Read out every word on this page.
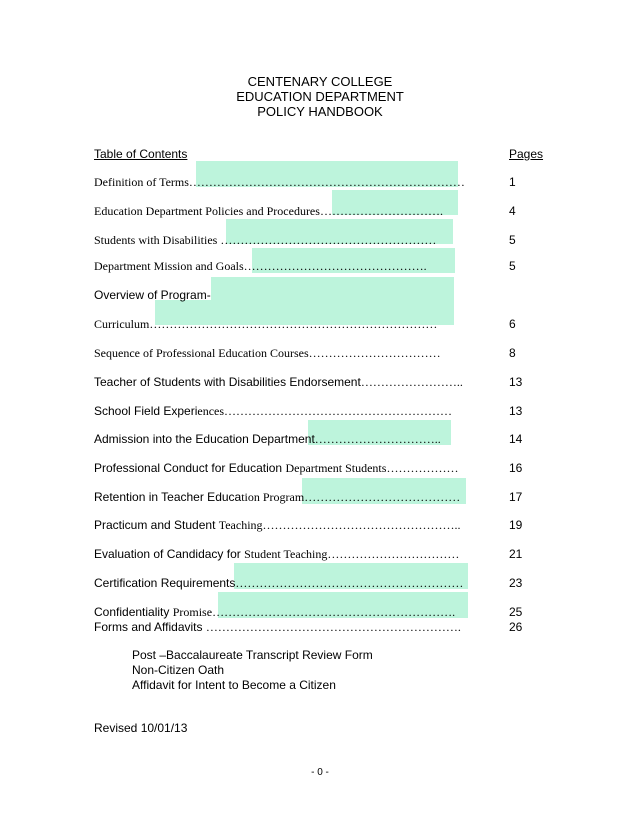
CENTENARY COLLEGE
EDUCATION DEPARTMENT
POLICY HANDBOOK
Table of Contents	Pages
Definition of Terms……………………………………………………………	1
Education Department Policies and Procedures………………………….	4
Students with Disabilities ………………………………………………	5
Department Mission and Goals……………………………………….	5
Overview of Program-
Curriculum………………………………………………………………	6
Sequence of Professional Education Courses……………………………	8
Teacher of Students with Disabilities Endorsement……………………..	13
School Field Experiences…………………………………………………	13
Admission into the Education Department…………………………..	14
Professional Conduct for Education Department Students………………	16
Retention in Teacher Education Program…………………………………	17
Practicum and Student Teaching…………………………………………..	19
Evaluation of Candidacy for Student Teaching……………………………	21
Certification Requirements…………………………………………………	23
Confidentiality Promise…………………………………………………….	25
Forms and Affidavits ……………………………………………………….	26
Post –Baccalaureate Transcript Review Form
Non-Citizen Oath
Affidavit for Intent to Become a Citizen
Revised 10/01/13
- 0 -
